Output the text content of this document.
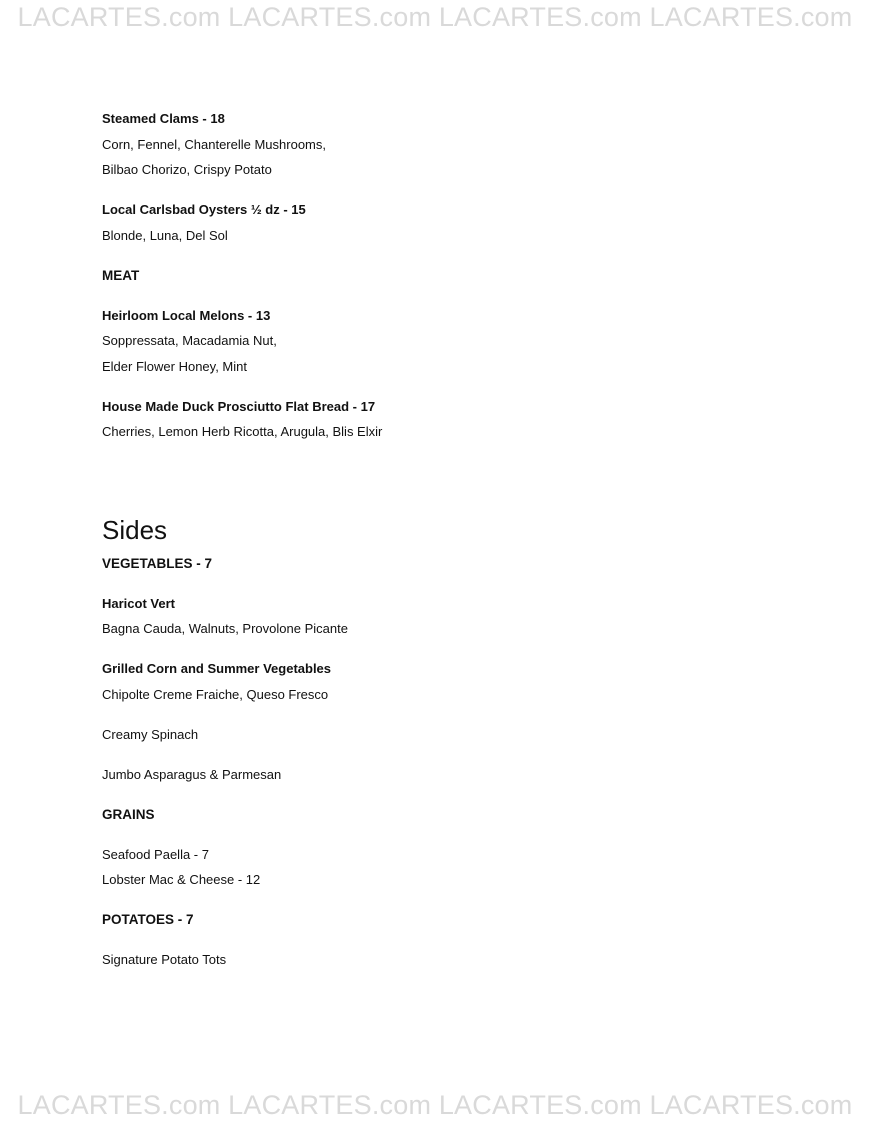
LACARTES.com LACARTES.com LACARTES.com LACARTES.com
Steamed Clams - 18
Corn, Fennel, Chanterelle Mushrooms,
Bilbao Chorizo, Crispy Potato
Local Carlsbad Oysters ½ dz - 15
Blonde, Luna, Del Sol
MEAT
Heirloom Local Melons - 13
Soppressata, Macadamia Nut,
Elder Flower Honey, Mint
House Made Duck Prosciutto Flat Bread - 17
Cherries, Lemon Herb Ricotta, Arugula, Blis Elxir
Sides
VEGETABLES - 7
Haricot Vert
Bagna Cauda, Walnuts, Provolone Picante
Grilled Corn and Summer Vegetables
Chipolte Creme Fraiche, Queso Fresco
Creamy Spinach
Jumbo Asparagus & Parmesan
GRAINS
Seafood Paella - 7
Lobster Mac & Cheese - 12
POTATOES - 7
Signature Potato Tots
LACARTES.com LACARTES.com LACARTES.com LACARTES.com
